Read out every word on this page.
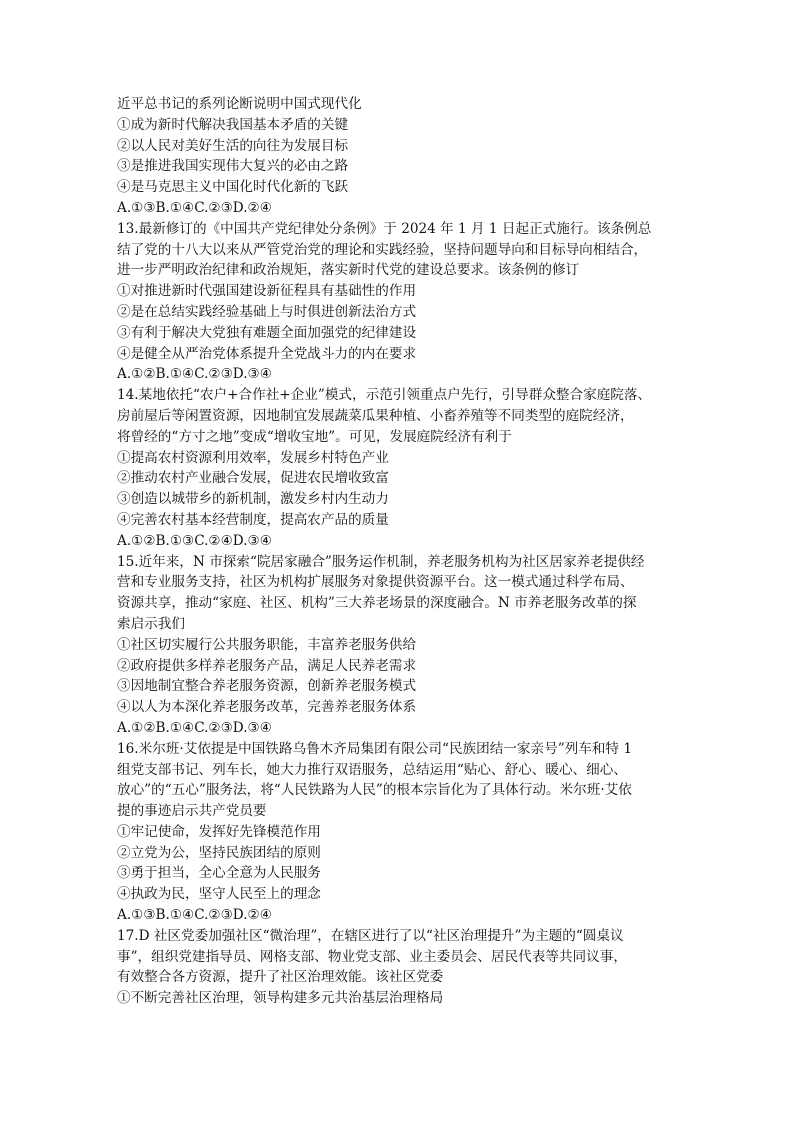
近平总书记的系列论断说明中国式现代化
①成为新时代解决我国基本矛盾的关键
②以人民对美好生活的向往为发展目标
③是推进我国实现伟大复兴的必由之路
④是马克思主义中国化时代化新的飞跃
A.①③B.①④C.②③D.②④
13.最新修订的《中国共产党纪律处分条例》于 2024 年 1 月 1 日起正式施行。该条例总
结了党的十八大以来从严管党治党的理论和实践经验，坚持问题导向和目标导向相结合，
进一步严明政治纪律和政治规矩，落实新时代党的建设总要求。该条例的修订
①对推进新时代强国建设新征程具有基础性的作用
②是在总结实践经验基础上与时俱进创新法治方式
③有利于解决大党独有难题全面加强党的纪律建设
④是健全从严治党体系提升全党战斗力的内在要求
A.①②B.①④C.②③D.③④
14.某地依托“农户+合作社+企业”模式，示范引领重点户先行，引导群众整合家庭院落、
房前屋后等闲置资源，因地制宜发展蔬菜瓜果种植、小畜养殖等不同类型的庭院经济，
将曾经的“方寸之地”变成“增收宝地”。可见，发展庭院经济有利于
①提高农村资源利用效率，发展乡村特色产业
②推动农村产业融合发展，促进农民增收致富
③创造以城带乡的新机制，激发乡村内生动力
④完善农村基本经营制度，提高农产品的质量
A.①②B.①③C.②④D.③④
15.近年来，N 市探索“院居家融合”服务运作机制，养老服务机构为社区居家养老提供经
营和专业服务支持，社区为机构扩展服务对象提供资源平台。这一模式通过科学布局、
资源共享，推动“家庭、社区、机构”三大养老场景的深度融合。N 市养老服务改革的探
索启示我们
①社区切实履行公共服务职能，丰富养老服务供给
②政府提供多样养老服务产品，满足人民养老需求
③因地制宜整合养老服务资源，创新养老服务模式
④以人为本深化养老服务改革，完善养老服务体系
A.①②B.①④C.②③D.③④
16.米尔班·艾依提是中国铁路乌鲁木齐局集团有限公司“民族团结一家亲号”列车和特 1
组党支部书记、列车长，她大力推行双语服务，总结运用“贴心、舒心、暖心、细心、
放心”的“五心”服务法，将“人民铁路为人民”的根本宗旨化为了具体行动。米尔班·艾依
提的事迹启示共产党员要
①牢记使命，发挥好先锋模范作用
②立党为公，坚持民族团结的原则
③勇于担当，全心全意为人民服务
④执政为民，坚守人民至上的理念
A.①③B.①④C.②③D.②④
17.D 社区党委加强社区“微治理”，在辖区进行了以“社区治理提升”为主题的“圆桌议
事”，组织党建指导员、网格支部、物业党支部、业主委员会、居民代表等共同议事，
有效整合各方资源，提升了社区治理效能。该社区党委
①不断完善社区治理，领导构建多元共治基层治理格局
